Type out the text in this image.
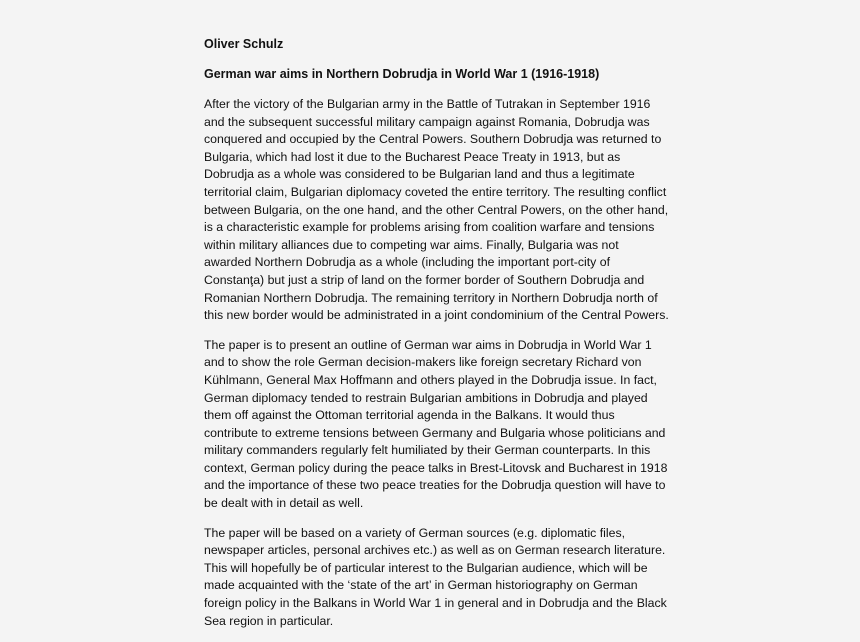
Oliver Schulz
German war aims in Northern Dobrudja in World War 1 (1916-1918)
After the victory of the Bulgarian army in the Battle of Tutrakan in September 1916
and the subsequent successful military campaign against Romania, Dobrudja was
conquered and occupied by the Central Powers. Southern Dobrudja was returned to
Bulgaria, which had lost it due to the Bucharest Peace Treaty in 1913, but as
Dobrudja as a whole was considered to be Bulgarian land and thus a legitimate
territorial claim, Bulgarian diplomacy coveted the entire territory. The resulting conflict
between Bulgaria, on the one hand, and the other Central Powers, on the other hand,
is a characteristic example for problems arising from coalition warfare and tensions
within military alliances due to competing war aims. Finally, Bulgaria was not
awarded Northern Dobrudja as a whole (including the important port-city of
Constanţa) but just a strip of land on the former border of Southern Dobrudja and
Romanian Northern Dobrudja. The remaining territory in Northern Dobrudja north of
this new border would be administrated in a joint condominium of the Central Powers.
The paper is to present an outline of German war aims in Dobrudja in World War 1
and to show the role German decision-makers like foreign secretary Richard von
Kühlmann, General Max Hoffmann and others played in the Dobrudja issue. In fact,
German diplomacy tended to restrain Bulgarian ambitions in Dobrudja and played
them off against the Ottoman territorial agenda in the Balkans. It would thus
contribute to extreme tensions between Germany and Bulgaria whose politicians and
military commanders regularly felt humiliated by their German counterparts. In this
context, German policy during the peace talks in Brest-Litovsk and Bucharest in 1918
and the importance of these two peace treaties for the Dobrudja question will have to
be dealt with in detail as well.
The paper will be based on a variety of German sources (e.g. diplomatic files,
newspaper articles, personal archives etc.) as well as on German research literature.
This will hopefully be of particular interest to the Bulgarian audience, which will be
made acquainted with the ‘state of the art’ in German historiography on German
foreign policy in the Balkans in World War 1 in general and in Dobrudja and the Black
Sea region in particular.
